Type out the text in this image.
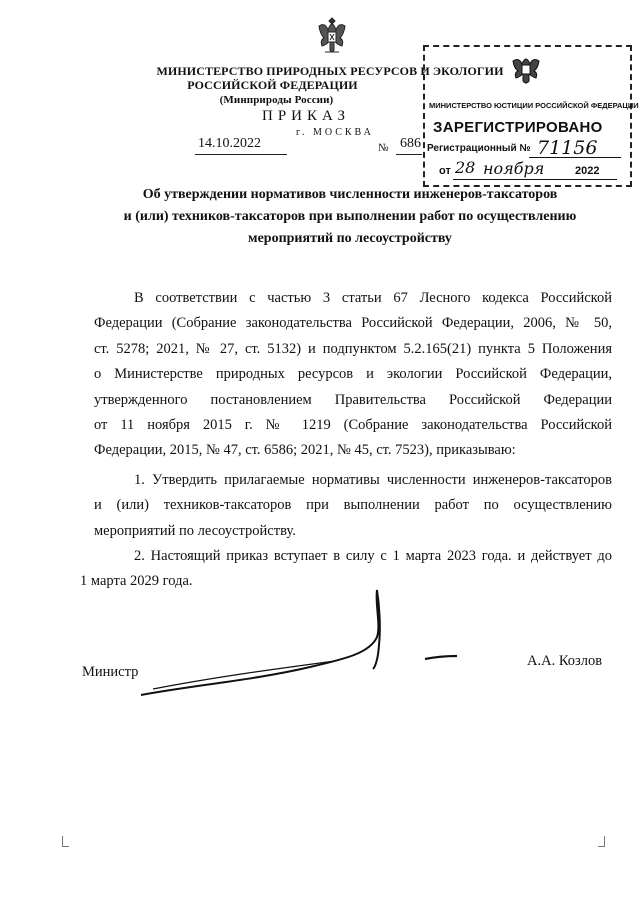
МИНИСТЕРСТВО ПРИРОДНЫХ РЕСУРСОВ И ЭКОЛОГИИ
РОССИЙСКОЙ ФЕДЕРАЦИИ
(Минприроды России)
ПРИКАЗ
г. МОСКВА
14.10.2022	№ 686
МИНИСТЕРСТВО ЮСТИЦИИ РОССИЙСКОЙ ФЕДЕРАЦИИ
ЗАРЕГИСТРИРОВАНО
Регистрационный № 71156
от 28 ноября	2022
Об утверждении нормативов численности инженеров-таксаторов
и (или) техников-таксаторов при выполнении работ по осуществлению
мероприятий по лесоустройству
В соответствии с частью 3 статьи 67 Лесного кодекса Российской
Федерации (Собрание законодательства Российской Федерации, 2006, № 50,
ст. 5278; 2021, № 27, ст. 5132) и подпунктом 5.2.165(21) пункта 5 Положения
о Министерстве природных ресурсов и экологии Российской Федерации,
утвержденного постановлением Правительства Российской Федерации
от 11 ноября 2015 г. № 1219 (Собрание законодательства Российской
Федерации, 2015, № 47, ст. 6586; 2021, № 45, ст. 7523), приказываю:
1. Утвердить прилагаемые нормативы численности инженеров-таксаторов
и (или) техников-таксаторов при выполнении работ по осуществлению
мероприятий по лесоустройству.
2. Настоящий приказ вступает в силу с 1 марта 2023 года. и действует до
1 марта 2029 года.
Министр
А.А. Козлов
